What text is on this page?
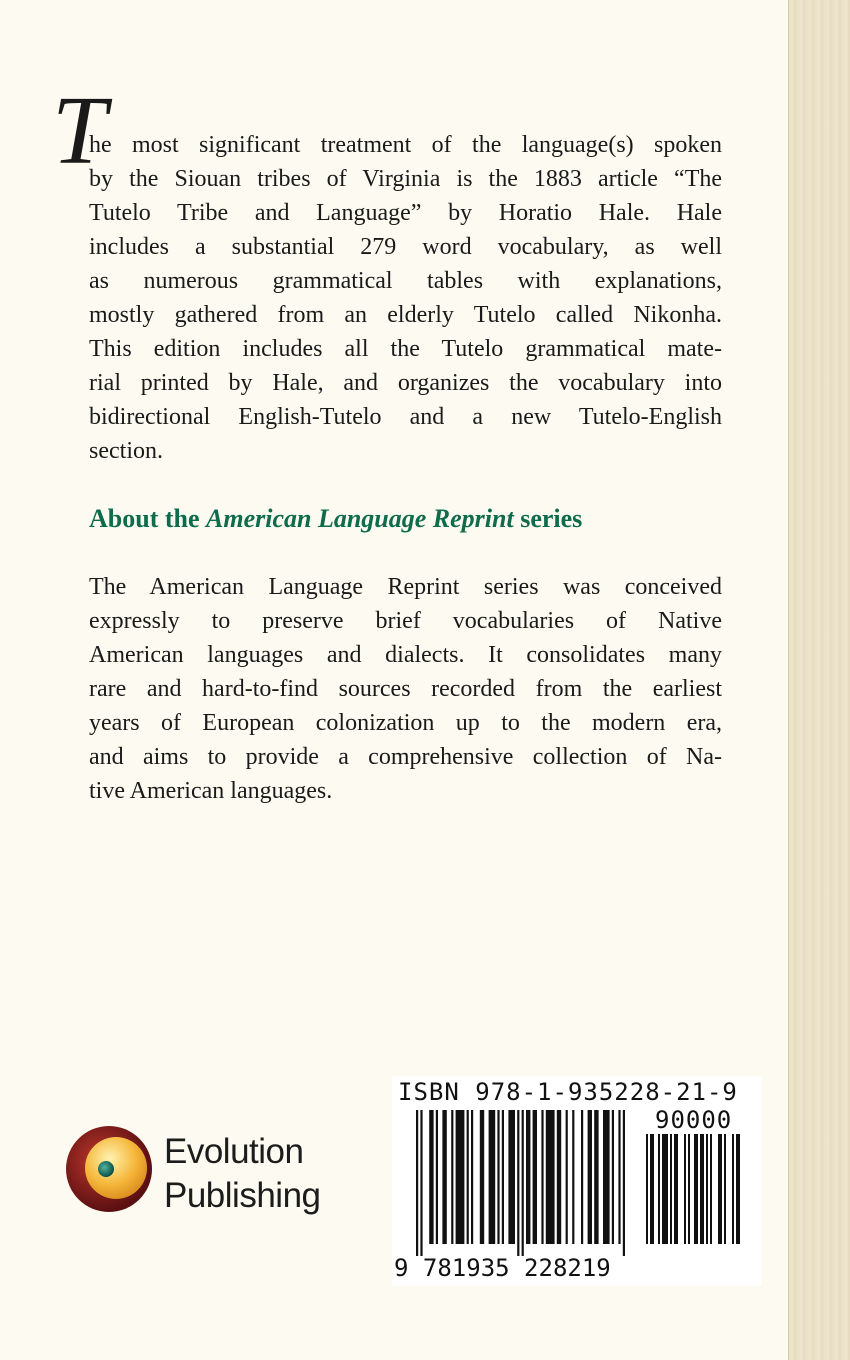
T
he most significant treatment of the language(s) spoken
by the Siouan tribes of Virginia is the 1883 article “The
Tutelo Tribe and Language” by Horatio Hale. Hale
includes a substantial 279 word vocabulary, as well
as numerous grammatical tables with explanations,
mostly gathered from an elderly Tutelo called Nikonha.
This edition includes all the Tutelo grammatical mate-
rial printed by Hale, and organizes the vocabulary into
bidirectional English-Tutelo and a new Tutelo-English
section.
About the American Language Reprint series
The American Language Reprint series was conceived
expressly to preserve brief vocabularies of Native
American languages and dialects. It consolidates many
rare and hard-to-find sources recorded from the earliest
years of European colonization up to the modern era,
and aims to provide a comprehensive collection of Na-
tive American languages.
Evolution
Publishing
ISBN 978-1-935228-21-9
90000
9 781935 228219
